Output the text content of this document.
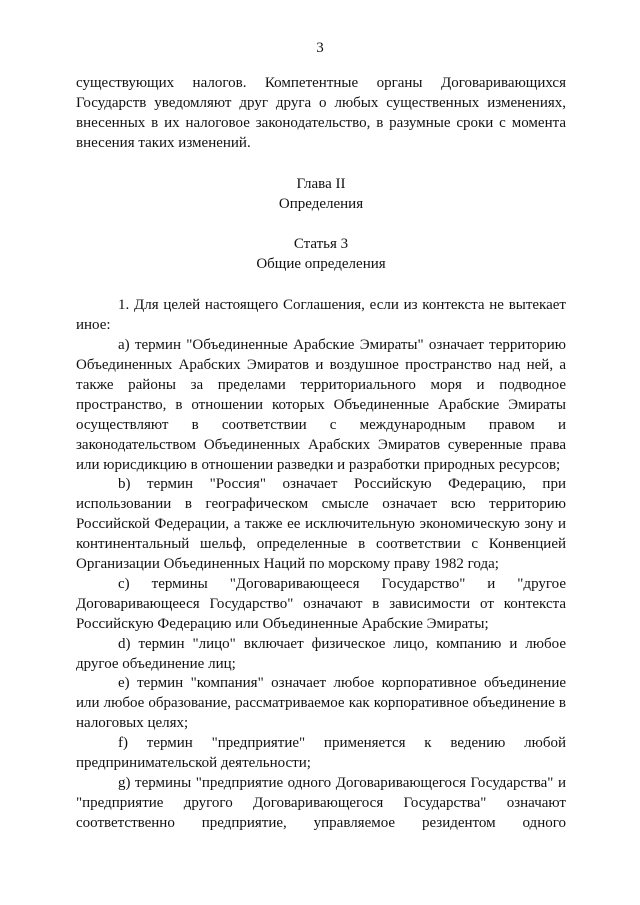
3

существующих налогов. Компетентные органы Договаривающихся Государств уведомляют друг друга о любых существенных изменениях, внесенных в их налоговое законодательство, в разумные сроки с момента внесения таких изменений.

Глава II

Определения

Статья 3

Общие определения

1. Для целей настоящего Соглашения, если из контекста не вытекает иное:

a) термин "Объединенные Арабские Эмираты" означает территорию Объединенных Арабских Эмиратов и воздушное пространство над ней, а также районы за пределами территориального моря и подводное пространство, в отношении которых Объединенные Арабские Эмираты осуществляют в соответствии с международным правом и законодательством Объединенных Арабских Эмиратов суверенные права или юрисдикцию в отношении разведки и разработки природных ресурсов;

b) термин "Россия" означает Российскую Федерацию, при использовании в географическом смысле означает всю территорию Российской Федерации, а также ее исключительную экономическую зону и континентальный шельф, определенные в соответствии с Конвенцией Организации Объединенных Наций по морскому праву 1982 года;

c) термины "Договаривающееся Государство" и "другое Договаривающееся Государство" означают в зависимости от контекста Российскую Федерацию или Объединенные Арабские Эмираты;

d) термин "лицо" включает физическое лицо, компанию и любое другое объединение лиц;

e) термин "компания" означает любое корпоративное объединение или любое образование, рассматриваемое как корпоративное объединение в налоговых целях;

f) термин "предприятие" применяется к ведению любой предпринимательской деятельности;

g) термины "предприятие одного Договаривающегося Государства" и "предприятие другого Договаривающегося Государства" означают соответственно предприятие, управляемое резидентом одного
